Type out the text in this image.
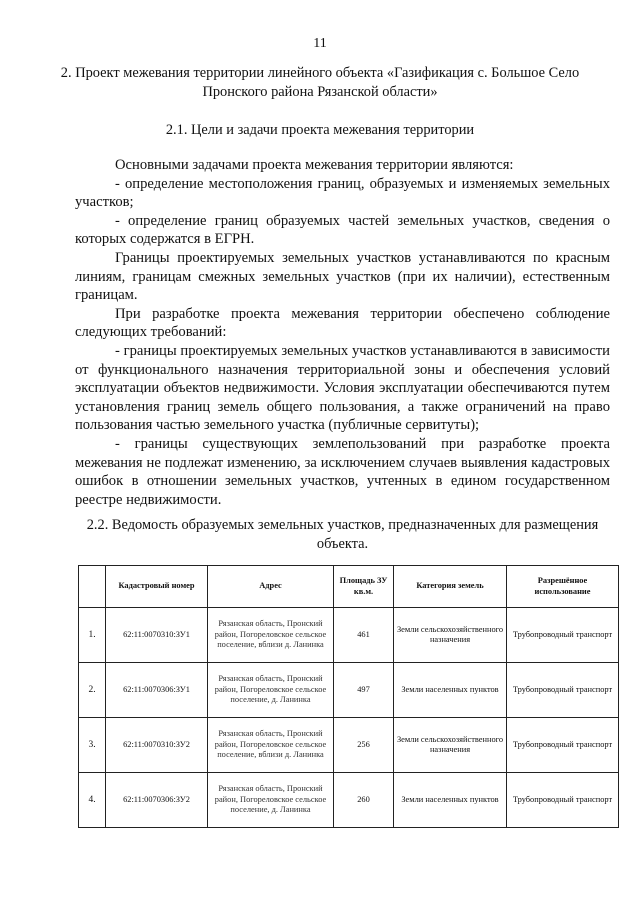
11
2. Проект межевания территории линейного объекта «Газификация с. Большое Село Пронского района Рязанской области»
2.1. Цели и задачи проекта межевания территории

Основными задачами проекта межевания территории являются:

- определение местоположения границ, образуемых и изменяемых земельных участков;

- определение границ образуемых частей земельных участков, сведения о которых содержатся в ЕГРН.

Границы проектируемых земельных участков устанавливаются по красным линиям, границам смежных земельных участков (при их наличии), естественным границам.

При разработке проекта межевания территории обеспечено соблюдение следующих требований:

- границы проектируемых земельных участков устанавливаются в зависимости от функционального назначения территориальной зоны и обеспечения условий эксплуатации объектов недвижимости. Условия эксплуатации обеспечиваются путем установления границ земель общего пользования, а также ограничений на право пользования частью земельного участка (публичные сервитуты);

- границы существующих землепользований при разработке проекта межевания не подлежат изменению, за исключением случаев выявления кадастровых ошибок в отношении земельных участков, учтенных в едином государственном реестре недвижимости.

2.2. Ведомость образуемых земельных участков, предназначенных для размещения объекта.
	Кадастровый номер	Адрес	Площадь ЗУ кв.м.	Категория земель	Разрешённое использование
1.	62:11:0070310:ЗУ1	Рязанская область, Пронский район, Погореловское сельское поселение, вблизи д. Ланинка	461	Земли сельскохозяйственного назначения	Трубопроводный транспорт
2.	62:11:0070306:ЗУ1	Рязанская область, Пронский район, Погореловское сельское поселение, д. Ланинка	497	Земли населенных пунктов	Трубопроводный транспорт
3.	62:11:0070310:ЗУ2	Рязанская область, Пронский район, Погореловское сельское поселение, вблизи д. Ланинка	256	Земли сельскохозяйственного назначения	Трубопроводный транспорт
4.	62:11:0070306:ЗУ2	Рязанская область, Пронский район, Погореловское сельское поселение, д. Ланинка	260	Земли населенных пунктов	Трубопроводный транспорт
